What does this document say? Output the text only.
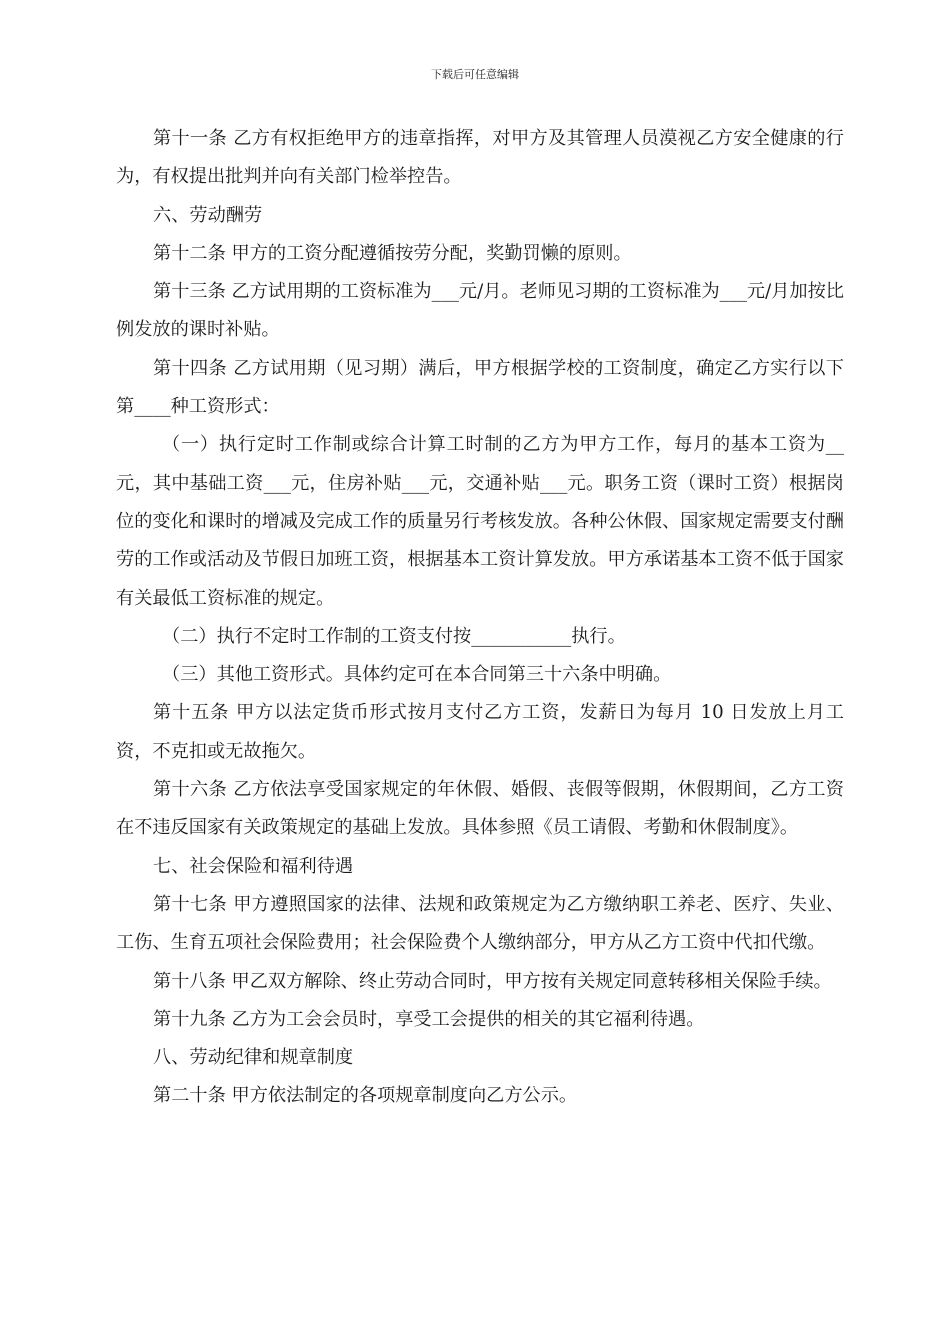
下载后可任意编辑

第十一条 乙方有权拒绝甲方的违章指挥，对甲方及其管理人员漠视乙方安全健康的行为，有权提出批判并向有关部门检举控告。

六、劳动酬劳

第十二条 甲方的工资分配遵循按劳分配，奖勤罚懒的原则。

第十三条 乙方试用期的工资标准为___元/月。老师见习期的工资标准为___元/月加按比例发放的课时补贴。

第十四条 乙方试用期（见习期）满后，甲方根据学校的工资制度，确定乙方实行以下第____种工资形式：

（一）执行定时工作制或综合计算工时制的乙方为甲方工作，每月的基本工资为__元，其中基础工资___元，住房补贴___元，交通补贴___元。职务工资（课时工资）根据岗位的变化和课时的增减及完成工作的质量另行考核发放。各种公休假、国家规定需要支付酬劳的工作或活动及节假日加班工资，根据基本工资计算发放。甲方承诺基本工资不低于国家有关最低工资标准的规定。

（二）执行不定时工作制的工资支付按___________执行。

（三）其他工资形式。具体约定可在本合同第三十六条中明确。

第十五条 甲方以法定货币形式按月支付乙方工资，发薪日为每月 10 日发放上月工资，不克扣或无故拖欠。

第十六条 乙方依法享受国家规定的年休假、婚假、丧假等假期，休假期间，乙方工资在不违反国家有关政策规定的基础上发放。具体参照《员工请假、考勤和休假制度》。

七、社会保险和福利待遇

第十七条 甲方遵照国家的法律、法规和政策规定为乙方缴纳职工养老、医疗、失业、工伤、生育五项社会保险费用；社会保险费个人缴纳部分，甲方从乙方工资中代扣代缴。

第十八条 甲乙双方解除、终止劳动合同时，甲方按有关规定同意转移相关保险手续。

第十九条 乙方为工会会员时，享受工会提供的相关的其它福利待遇。

八、劳动纪律和规章制度

第二十条 甲方依法制定的各项规章制度向乙方公示。
